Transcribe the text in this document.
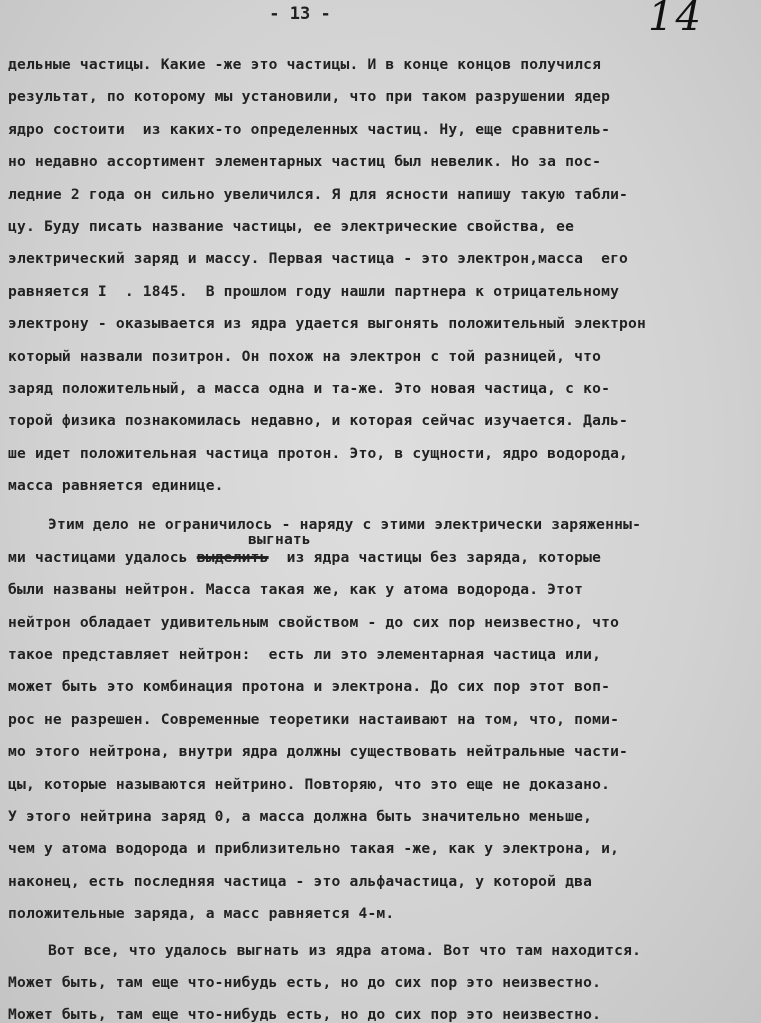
- 13 -	14
дельные частицы. Какие -же это частицы. И в конце концов получился
результат, по которому мы установили, что при таком разрушении ядер
ядро состоити  из каких-то определенных частиц. Ну, еще сравнитель-
но недавно ассортимент элементарных частиц был невелик. Но за пос-
ледние 2 года он сильно увеличился. Я для ясности напишу такую табли-
цу. Буду писать название частицы, ее электрические свойства, ее
электрический заряд и массу. Первая частица - это электрон,масса  его
равняется I  . 1845.  В прошлом году нашли партнера к отрицательному
электрону - оказывается из ядра удается выгонять положительный электрон
который назвали позитрон. Он похож на электрон с той разницей, что
заряд положительный, а масса одна и та-же. Это новая частица, с ко-
торой физика познакомилась недавно, и которая сейчас изучается. Даль-
ше идет положительная частица протон. Это, в сущности, ядро водорода,
масса равняется единице.
Этим дело не ограничилось - наряду с этими электрически заряженны-
выгнать
ми частицами удалось выделить  из ядра частицы без заряда, которые
были названы нейтрон. Масса такая же, как у атома водорода. Этот
нейтрон обладает удивительным свойством - до сих пор неизвестно, что
такое представляет нейтрон:  есть ли это элементарная частица или,
может быть это комбинация протона и электрона. До сих пор этот воп-
рос не разрешен. Современные теоретики настаивают на том, что, поми-
мо этого нейтрона, внутри ядра должны существовать нейтральные части-
цы, которые называются нейтрино. Повторяю, что это еще не доказано.
У этого нейтрина заряд 0, а масса должна быть значительно меньше,
чем у атома водорода и приблизительно такая -же, как у электрона, и,
наконец, есть последняя частица - это альфачастица, у которой два
положительные заряда, а масс равняется 4-м.
Вот все, что удалось выгнать из ядра атома. Вот что там находится.
Может быть, там еще что-нибудь есть, но до сих пор это неизвестно.
Может быть, там еще что-нибудь есть, но до сих пор это неизвестно.
